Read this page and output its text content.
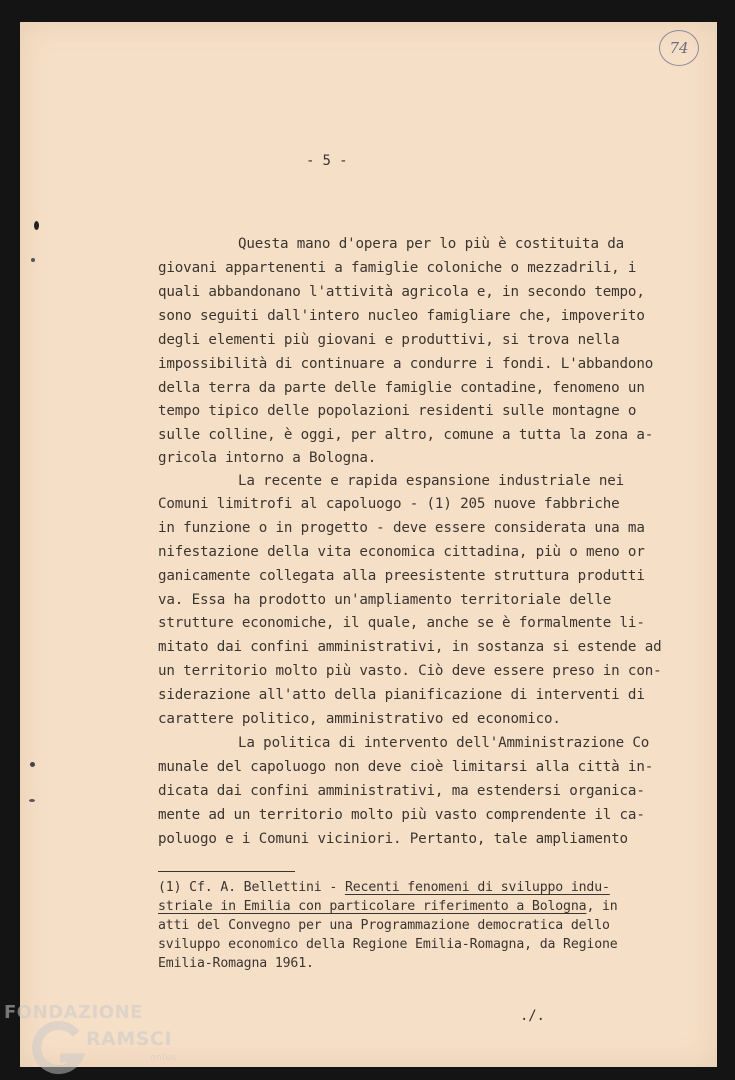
74
- 5 -
Questa mano d'opera per lo più è costituita da
giovani appartenenti a famiglie coloniche o mezzadrili, i
quali abbandonano l'attività agricola e, in secondo tempo,
sono seguiti dall'intero nucleo famigliare che, impoverito
degli elementi più giovani e produttivi, si trova nella
impossibilità di continuare a condurre i fondi. L'abbandono
della terra da parte delle famiglie contadine, fenomeno un
tempo tipico delle popolazioni residenti sulle montagne o
sulle colline, è oggi, per altro, comune a tutta la zona a-
gricola intorno a Bologna.
La recente e rapida espansione industriale nei
Comuni limitrofi al capoluogo - (1) 205 nuove fabbriche
in funzione o in progetto - deve essere considerata una ma
nifestazione della vita economica cittadina, più o meno or
ganicamente collegata alla preesistente struttura produtti
va. Essa ha prodotto un'ampliamento territoriale delle
strutture economiche, il quale, anche se è formalmente li-
mitato dai confini amministrativi, in sostanza si estende ad
un territorio molto più vasto. Ciò deve essere preso in con-
siderazione all'atto della pianificazione di interventi di
carattere politico, amministrativo ed economico.
La politica di intervento dell'Amministrazione Co
munale del capoluogo non deve cioè limitarsi alla città in-
dicata dai confini amministrativi, ma estendersi organica-
mente ad un territorio molto più vasto comprendente il ca-
poluogo e i Comuni viciniori. Pertanto, tale ampliamento
(1) Cf. A. Bellettini - Recenti fenomeni di sviluppo indu-
striale in Emilia con particolare riferimento a Bologna, in
atti del Convegno per una Programmazione democratica dello
sviluppo economico della Regione Emilia-Romagna, da Regione
Emilia-Romagna 1961.
./.
FONDAZIONE
RAMSCI
onlus
